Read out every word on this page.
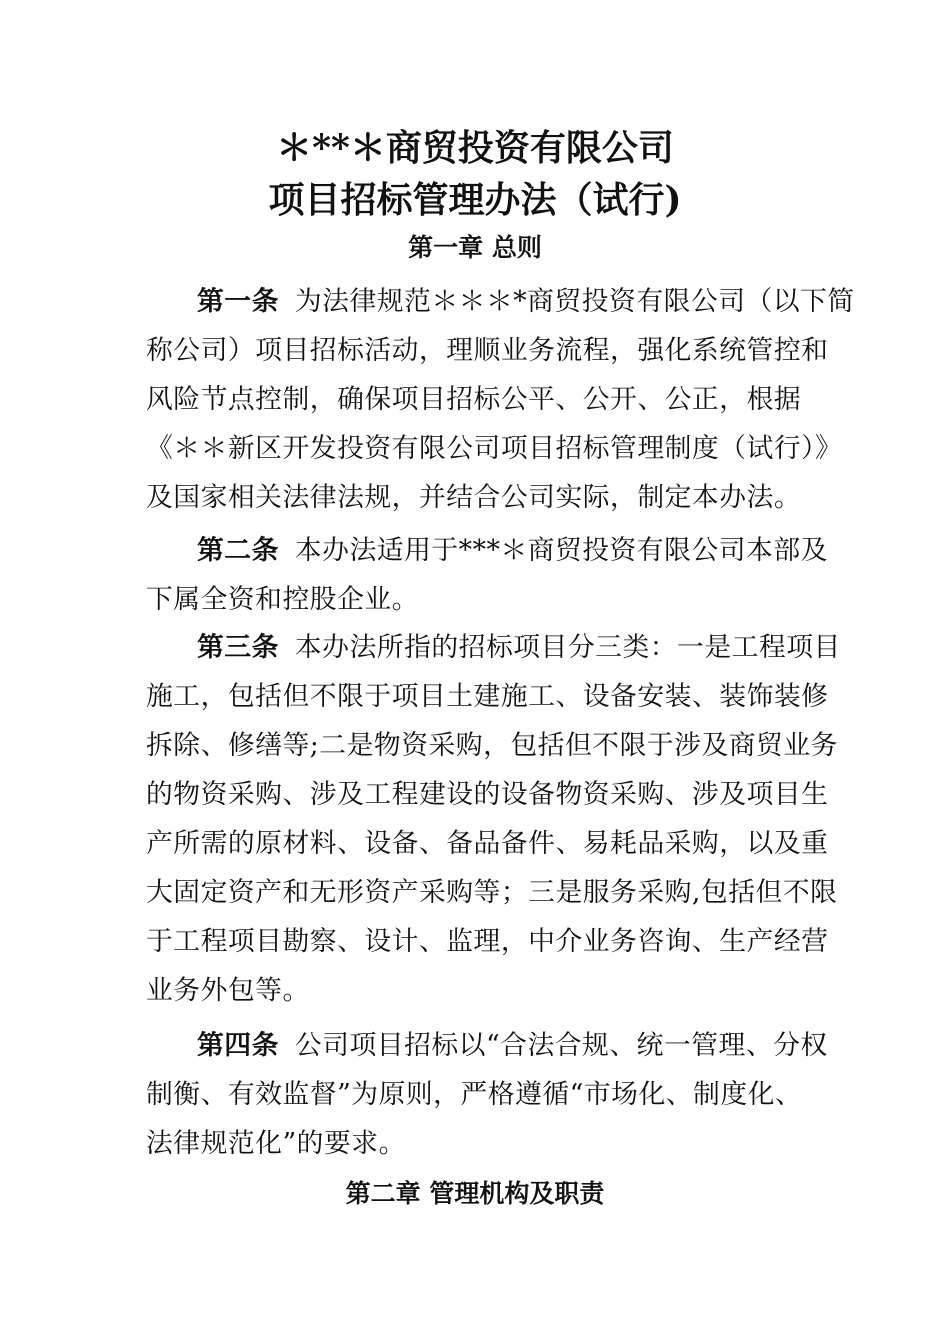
＊**＊商贸投资有限公司
项目招标管理办法（试行)
第一章 总则
第一条 为法律规范＊＊＊*商贸投资有限公司（以下简
称公司）项目招标活动，理顺业务流程，强化系统管控和
风险节点控制，确保项目招标公平、公开、公正，根据
《＊＊新区开发投资有限公司项目招标管理制度（试行）》
及国家相关法律法规，并结合公司实际，制定本办法。
第二条 本办法适用于***＊商贸投资有限公司本部及
下属全资和控股企业。
第三条 本办法所指的招标项目分三类：一是工程项目
施工，包括但不限于项目土建施工、设备安装、装饰装修
拆除、修缮等;二是物资采购，包括但不限于涉及商贸业务
的物资采购、涉及工程建设的设备物资采购、涉及项目生
产所需的原材料、设备、备品备件、易耗品采购，以及重
大固定资产和无形资产采购等；三是服务采购,包括但不限
于工程项目勘察、设计、监理，中介业务咨询、生产经营
业务外包等。
第四条 公司项目招标以“合法合规、统一管理、分权
制衡、有效监督”为原则，严格遵循“市场化、制度化、
法律规范化”的要求。
第二章 管理机构及职责
